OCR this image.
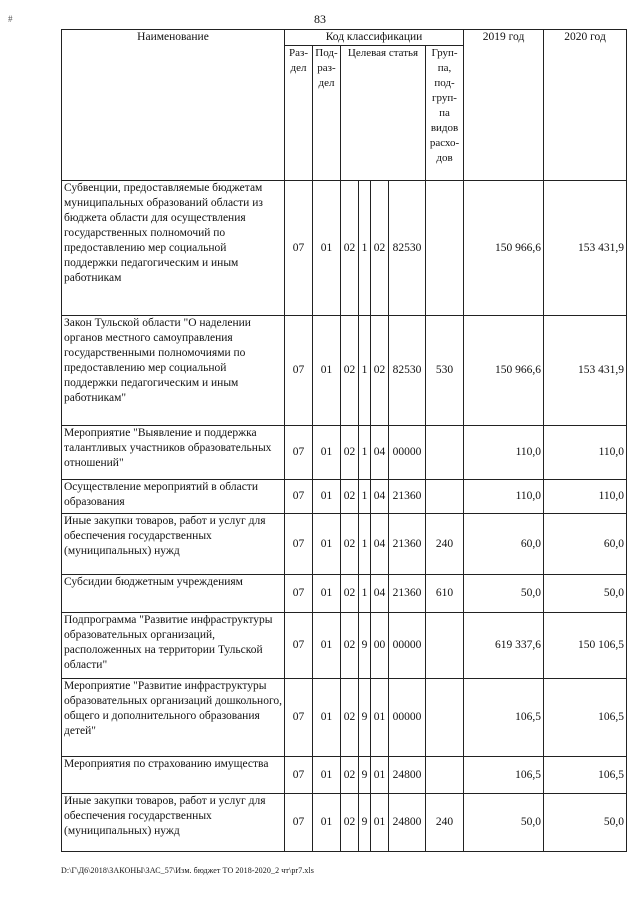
#	83
Наименование	Код классификации							2019 год	2020 год
	Раз-дел	Под-раз-дел	Целевая статья				Груп-па, под-груп-па видов расхо-дов		
Субвенции, предоставляемые бюджетам муниципальных образований области из бюджета области для осуществления государственных полномочий по предоставлению мер социальной поддержки педагогическим и иным работникам	07	01	02	1	02	82530		150 966,6	153 431,9
Закон Тульской области "О наделении органов местного самоуправления государственными полномочиями по предоставлению мер социальной поддержки педагогическим и иным работникам"	07	01	02	1	02	82530	530	150 966,6	153 431,9
Мероприятие "Выявление и поддержка талантливых участников образовательных отношений"	07	01	02	1	04	00000		110,0	110,0
Осуществление мероприятий в области образования	07	01	02	1	04	21360		110,0	110,0
Иные закупки товаров, работ и услуг для обеспечения государственных (муниципальных) нужд	07	01	02	1	04	21360	240	60,0	60,0
Субсидии бюджетным учреждениям	07	01	02	1	04	21360	610	50,0	50,0
Подпрограмма "Развитие инфраструктуры образовательных организаций, расположенных на территории Тульской области"	07	01	02	9	00	00000		619 337,6	150 106,5
Мероприятие "Развитие инфраструктуры образовательных организаций дошкольного, общего и дополнительного образования детей"	07	01	02	9	01	00000		106,5	106,5
Мероприятия по страхованию имущества	07	01	02	9	01	24800		106,5	106,5
Иные закупки товаров, работ и услуг для обеспечения государственных (муниципальных) нужд	07	01	02	9	01	24800	240	50,0	50,0
D:\Г\Д6\2018\ЗАКОНЫ\ЗАС_57\Изм. бюджет ТО 2018-2020_2 чт\pr7.xls
